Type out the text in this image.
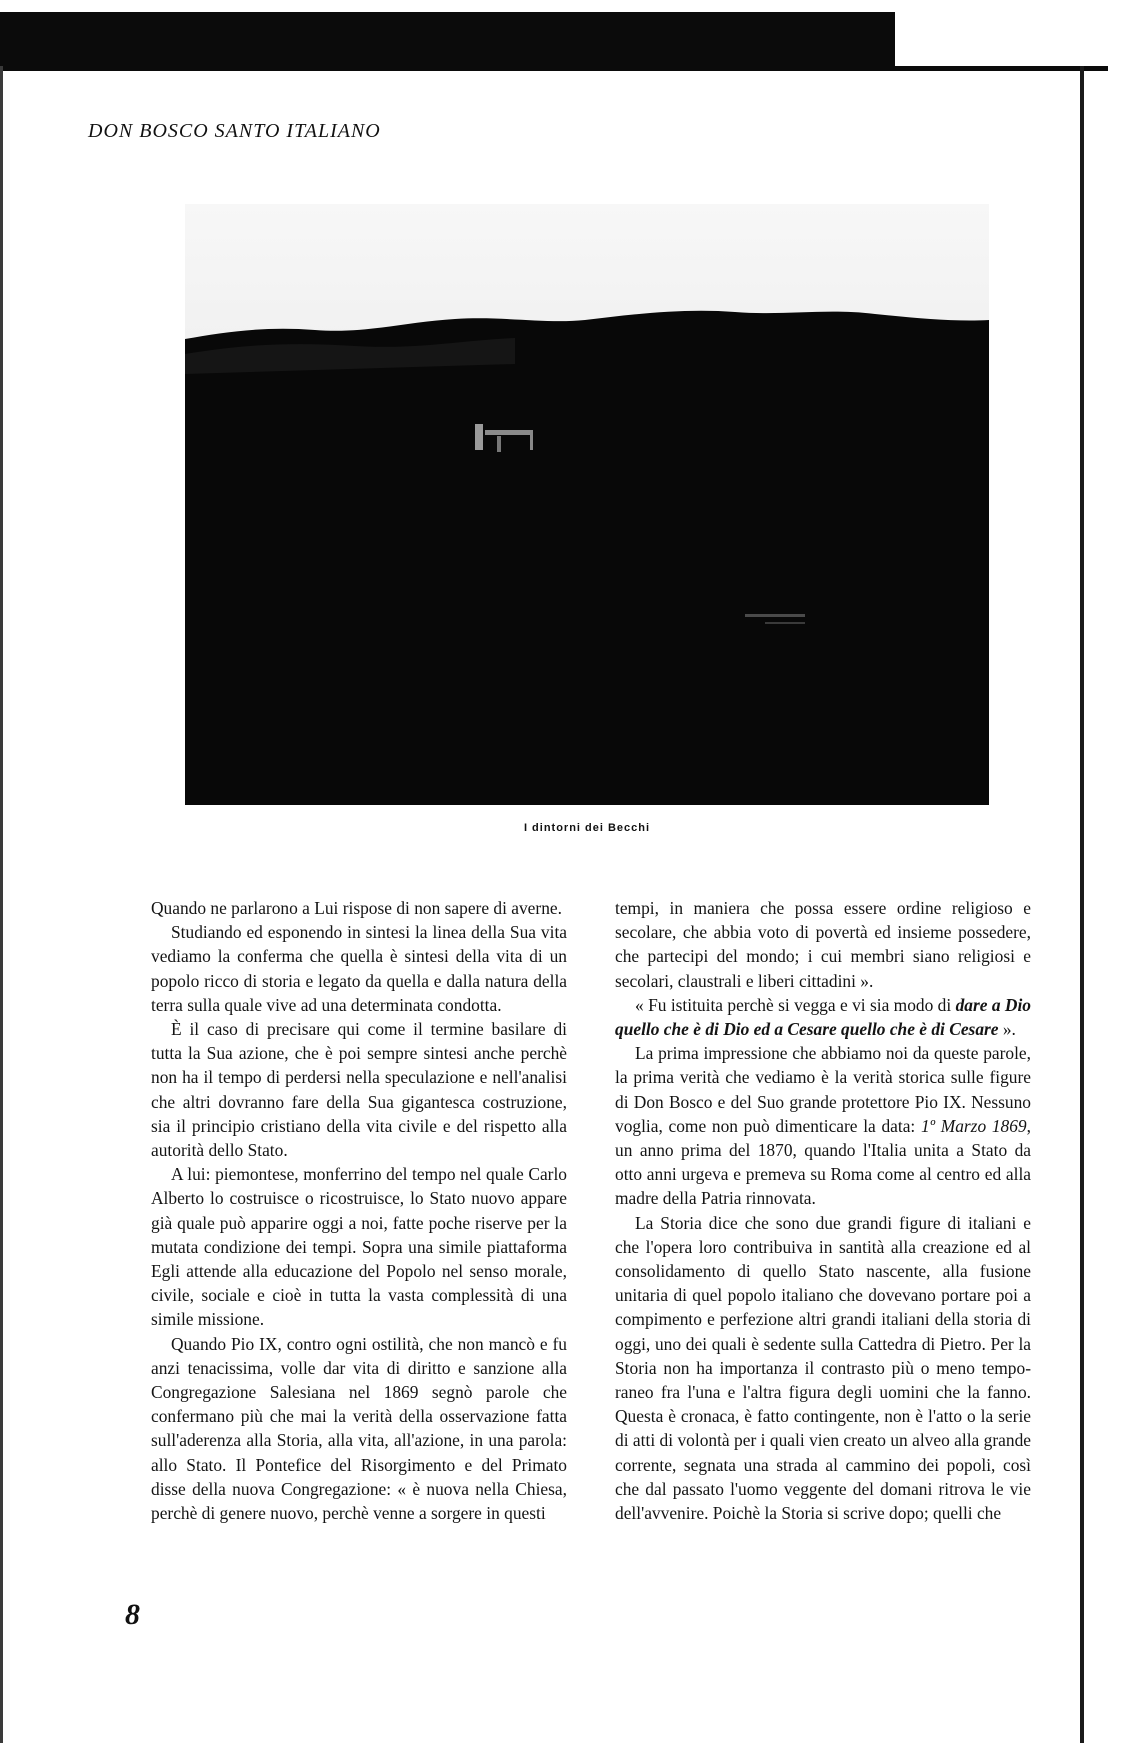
DON BOSCO SANTO ITALIANO
I dintorni dei Becchi

Quando ne parlarono a Lui rispose di non sapere di averne.

Studiando ed esponendo in sintesi la linea della Sua vita vediamo la conferma che quella è sintesi della vita di un popolo ricco di storia e legato da quella e dalla natura della terra sulla quale vive ad una determinata condotta.

È il caso di precisare qui come il termine basilare di tutta la Sua azione, che è poi sempre sintesi anche perchè non ha il tempo di perdersi nella speculazione e nell'analisi che altri dovranno fare della Sua gigantesca costruzione, sia il principio cristiano della vita civile e del rispetto alla autorità dello Stato.

A lui: piemontese, monferrino del tempo nel quale Carlo Alberto lo costruisce o ricostruisce, lo Stato nuovo appare già quale può apparire oggi a noi, fatte poche riserve per la mutata condizione dei tempi. Sopra una simile piattaforma Egli attende alla educazione del Popolo nel senso morale, civile, sociale e cioè in tutta la vasta complessità di una simile missione.

Quando Pio IX, contro ogni ostilità, che non mancò e fu anzi tenacissima, volle dar vita di diritto e sanzione alla Congregazione Salesiana nel 1869 segnò parole che confermano più che mai la verità della osservazione fatta sull'aderenza alla Storia, alla vita, all'azione, in una parola: allo Stato. Il Pontefice del Risorgimento e del Primato disse della nuova Congregazione: « è nuova nella Chiesa, perchè di genere nuovo, perchè venne a sorgere in questi

tempi, in maniera che possa essere ordine religioso e secolare, che abbia voto di povertà ed insieme possedere, che partecipi del mondo; i cui membri siano religiosi e secolari, claustrali e liberi cittadini ».

« Fu istituita perchè si vegga e vi sia modo di dare a Dio quello che è di Dio ed a Cesare quello che è di Cesare ».

La prima impressione che abbiamo noi da queste parole, la prima verità che vediamo è la verità storica sulle figure di Don Bosco e del Suo grande protettore Pio IX. Nessuno voglia, come non può dimenticare la data: 1º Marzo 1869, un anno prima del 1870, quando l'Italia unita a Stato da otto anni urgeva e premeva su Roma come al centro ed alla madre della Patria rinnovata.

La Storia dice che sono due grandi figure di italiani e che l'opera loro contribuiva in santità alla creazione ed al consolidamento di quello Stato nascente, alla fusione unitaria di quel popolo italiano che dovevano portare poi a compimento e perfezione altri grandi italiani della storia di oggi, uno dei quali è sedente sulla Cattedra di Pietro. Per la Storia non ha importanza il contrasto più o meno temporaneo fra l'una e l'altra figura degli uomini che la fanno. Questa è cronaca, è fatto contingente, non è l'atto o la serie di atti di volontà per i quali vien creato un alveo alla grande corrente, segnata una strada al cammino dei popoli, così che dal passato l'uomo veggente del domani ritrova le vie dell'avvenire. Poichè la Storia si scrive dopo; quelli che

8
